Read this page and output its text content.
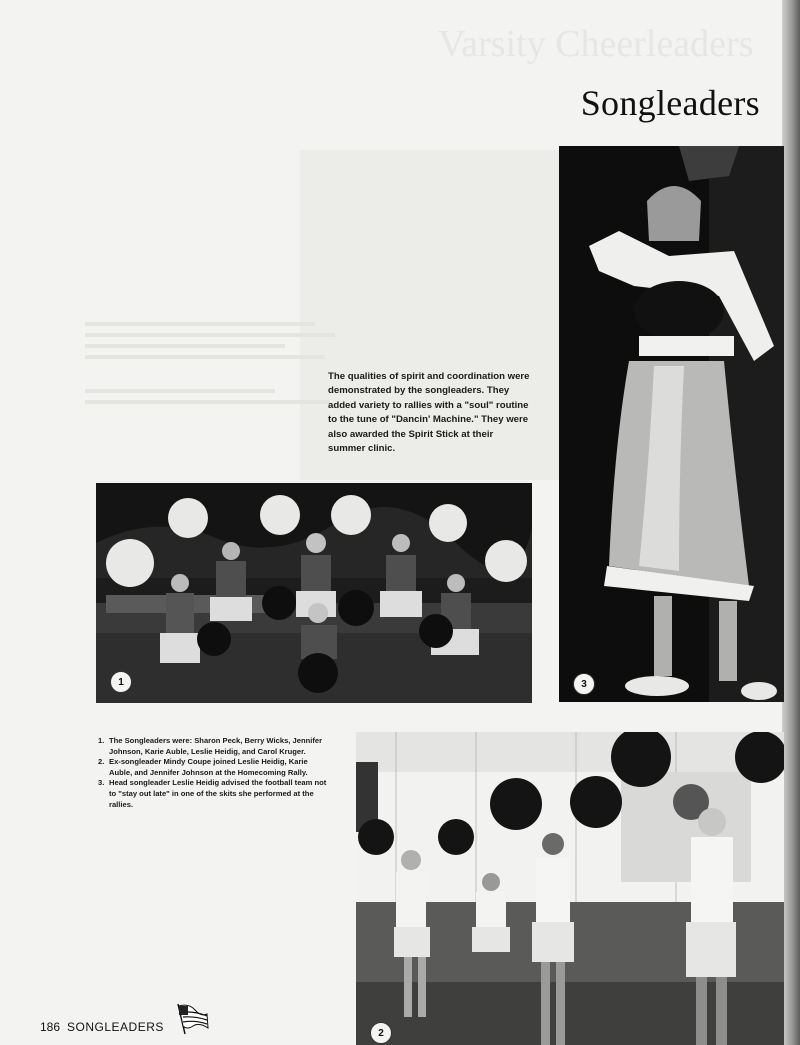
Varsity Cheerleaders
Songleaders

The qualities of spirit and coordination were demonstrated by the songleaders. They added variety to rallies with a "soul" routine to the tune of "Dancin' Machine." They were also awarded the Spirit Stick at their summer clinic.

1	3
2
1. The Songleaders were: Sharon Peck, Berry Wicks, Jennifer Johnson, Karie Auble, Leslie Heidig, and Carol Kruger.
2. Ex-songleader Mindy Coupe joined Leslie Heidig, Karie Auble, and Jennifer Johnson at the Homecoming Rally.
3. Head songleader Leslie Heidig advised the football team not to "stay out late" in one of the skits she performed at the rallies.
186 SONGLEADERS
